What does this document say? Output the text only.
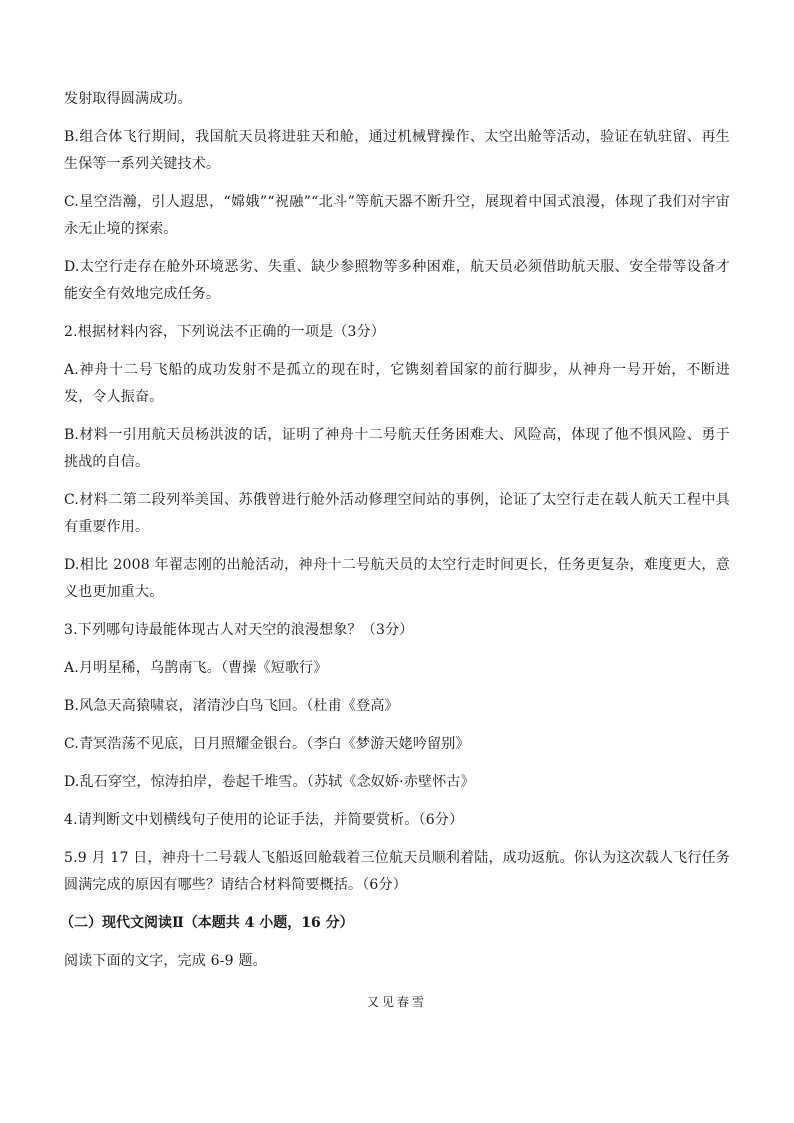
发射取得圆满成功。

B.组合体飞行期间，我国航天员将进驻天和舱，通过机械臂操作、太空出舱等活动，验证在轨驻留、再生生保等一系列关键技术。

C.星空浩瀚，引人遐思，“嫦娥”“祝融”“北斗”等航天器不断升空，展现着中国式浪漫，体现了我们对宇宙永无止境的探索。

D.太空行走存在舱外环境恶劣、失重、缺少参照物等多种困难，航天员必须借助航天服、安全带等设备才能安全有效地完成任务。

2.根据材料内容，下列说法不正确的一项是（3分）

A.神舟十二号飞船的成功发射不是孤立的现在时，它镌刻着国家的前行脚步，从神舟一号开始，不断进发，令人振奋。

B.材料一引用航天员杨洪波的话，证明了神舟十二号航天任务困难大、风险高，体现了他不惧风险、勇于挑战的自信。

C.材料二第二段列举美国、苏俄曾进行舱外活动修理空间站的事例，论证了太空行走在载人航天工程中具有重要作用。

D.相比 2008 年翟志刚的出舱活动，神舟十二号航天员的太空行走时间更长，任务更复杂，难度更大，意义也更加重大。

3.下列哪句诗最能体现古人对天空的浪漫想象？（3分）

A.月明星稀，乌鹊南飞。（曹操《短歌行》

B.风急天高猿啸哀，渚清沙白鸟飞回。（杜甫《登高》

C.青冥浩荡不见底，日月照耀金银台。（李白《梦游天姥吟留别》

D.乱石穿空，惊涛拍岸，卷起千堆雪。（苏轼《念奴娇·赤壁怀古》

4.请判断文中划横线句子使用的论证手法，并简要赏析。（6分）

5.9 月 17 日，神舟十二号载人飞船返回舱载着三位航天员顺利着陆，成功返航。你认为这次载人飞行任务圆满完成的原因有哪些？请结合材料简要概括。（6分）

（二）现代文阅读Ⅱ（本题共 4 小题，16 分）

阅读下面的文字，完成 6-9 题。

又见春雪
